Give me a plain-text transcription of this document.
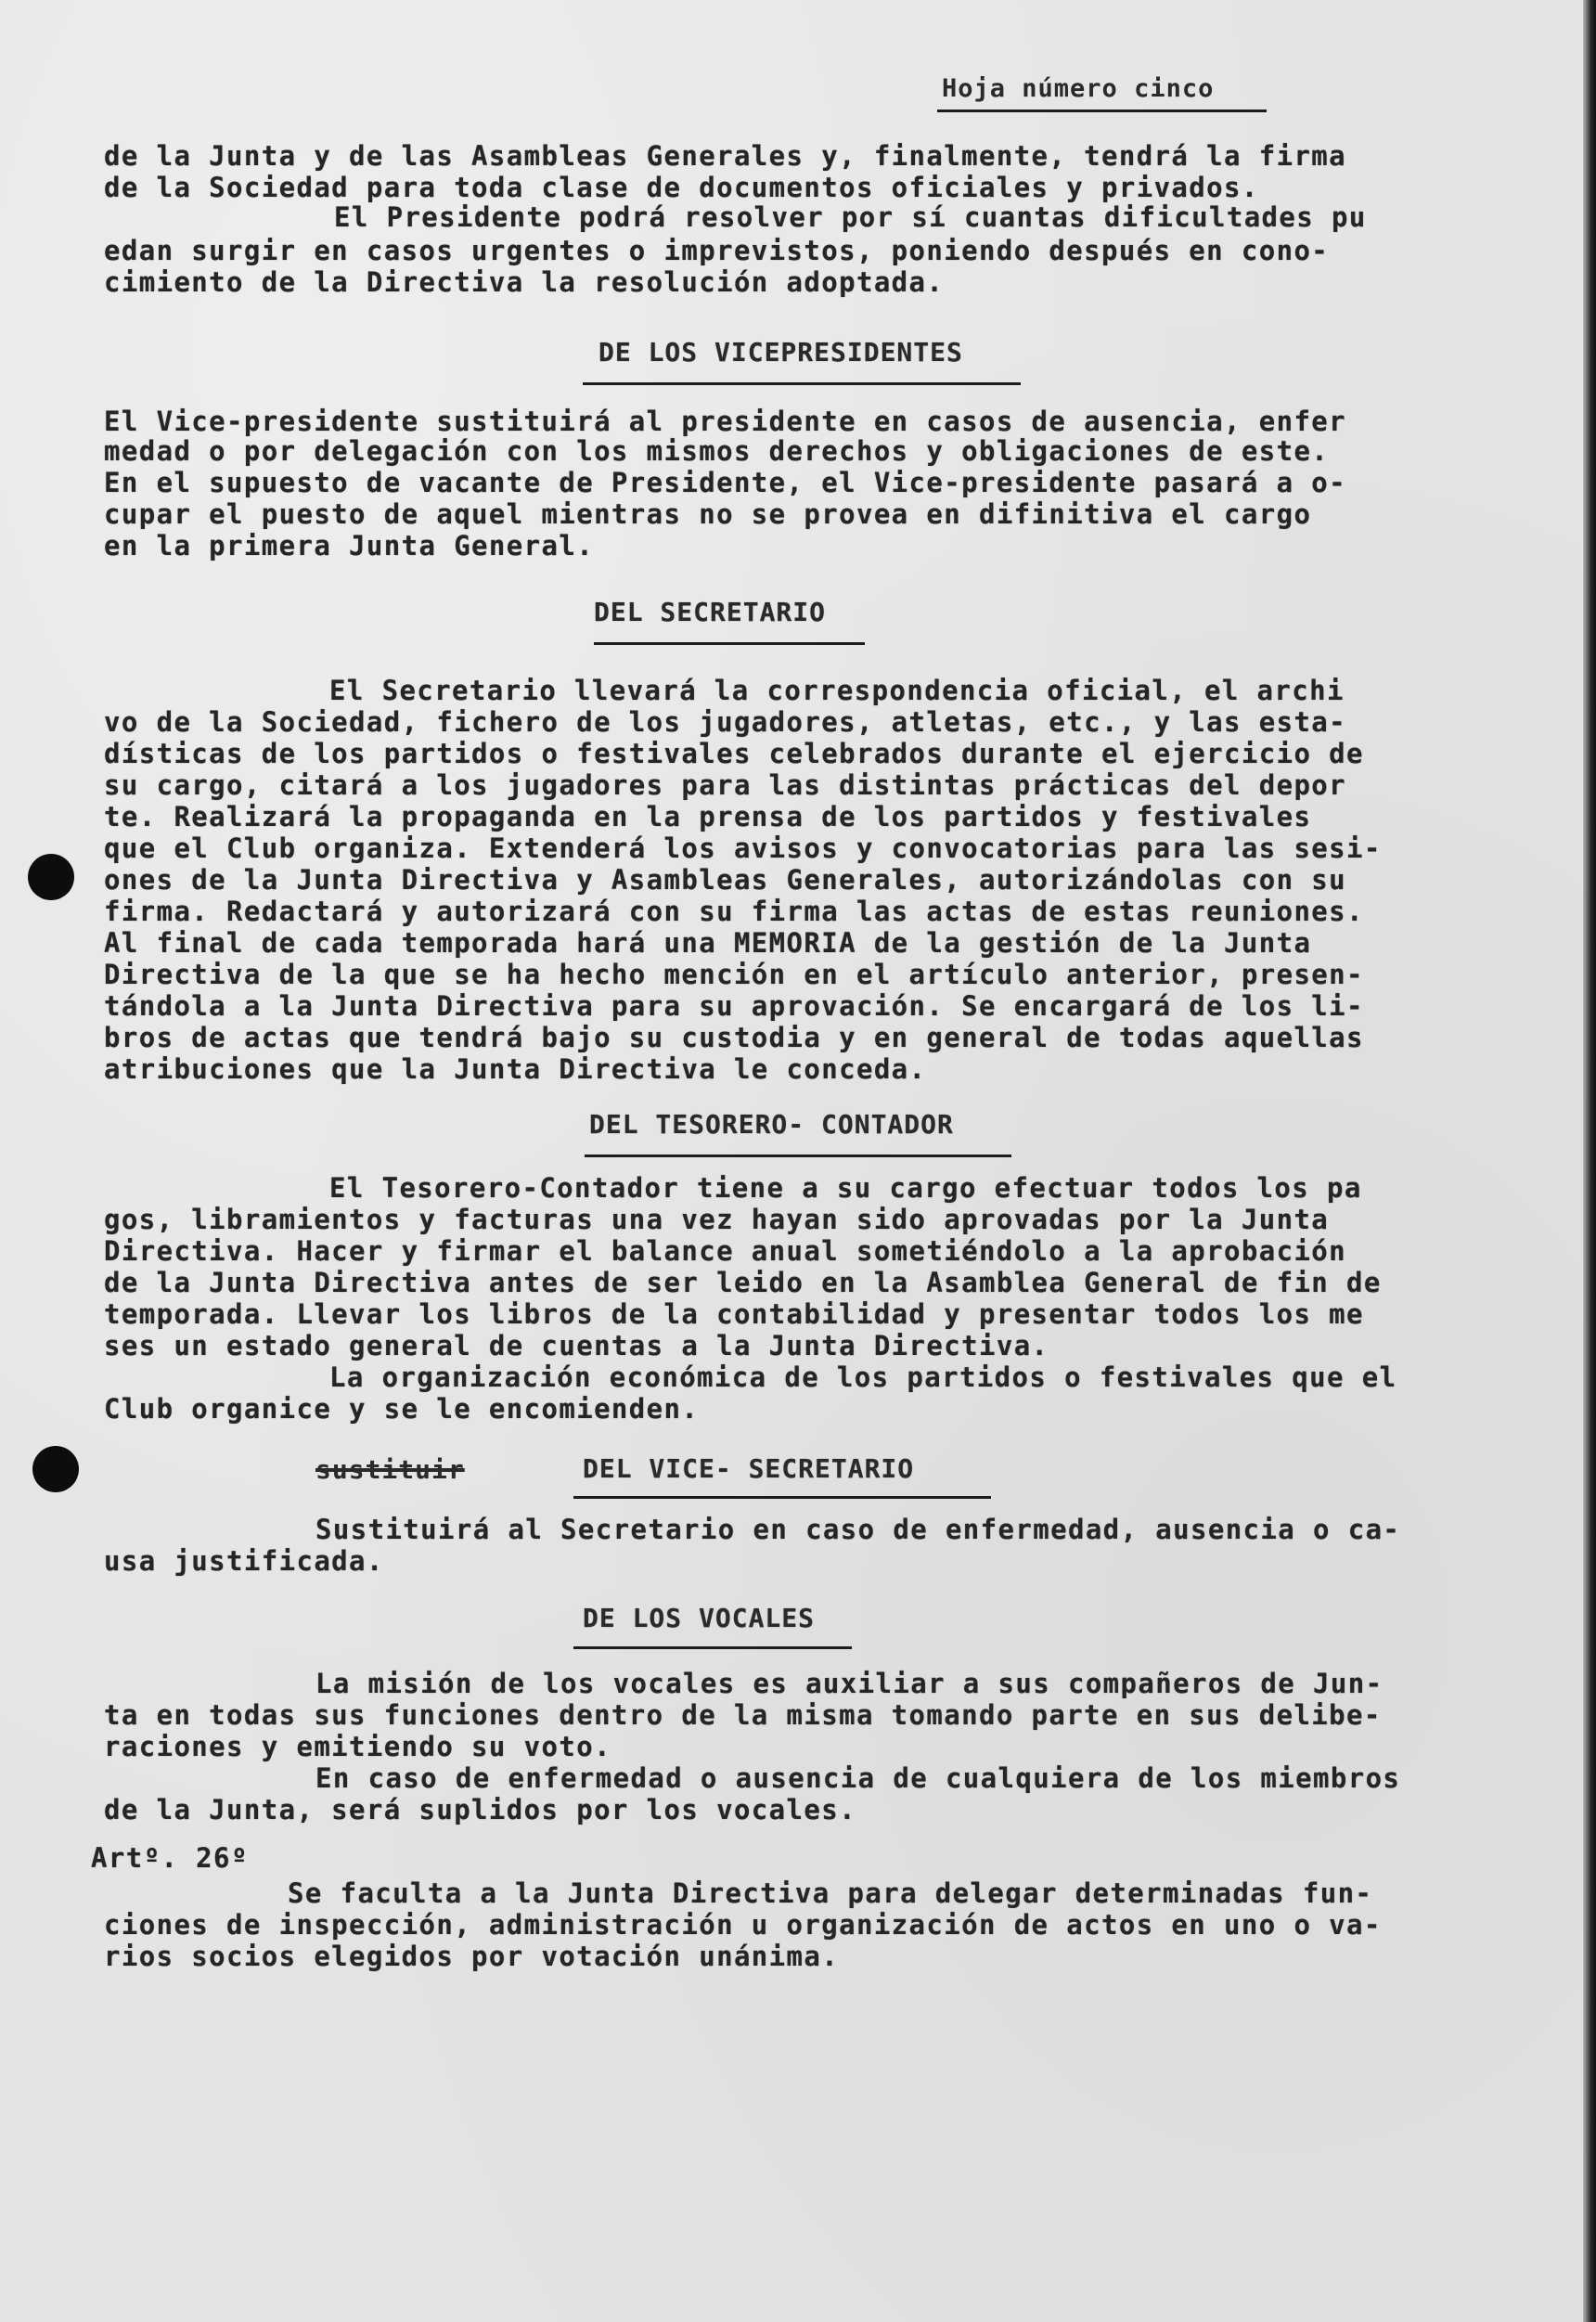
Hoja número cinco
de la Junta y de las Asambleas Generales y, finalmente, tendrá la firma
de la Sociedad para toda clase de documentos oficiales y privados.
El Presidente podrá resolver por sí cuantas dificultades pu
edan surgir en casos urgentes o imprevistos, poniendo después en cono-
cimiento de la Directiva la resolución adoptada.
DE LOS VICEPRESIDENTES
El Vice-presidente sustituirá al presidente en casos de ausencia, enfer
medad o por delegación con los mismos derechos y obligaciones de este.
En el supuesto de vacante de Presidente, el Vice-presidente pasará a o-
cupar el puesto de aquel mientras no se provea en difinitiva el cargo
en la primera Junta General.
DEL SECRETARIO
El Secretario llevará la correspondencia oficial, el archi
vo de la Sociedad, fichero de los jugadores, atletas, etc., y las esta-
dísticas de los partidos o festivales celebrados durante el ejercicio de
su cargo, citará a los jugadores para las distintas prácticas del depor
te. Realizará la propaganda en la prensa de los partidos y festivales
que el Club organiza. Extenderá los avisos y convocatorias para las sesi-
ones de la Junta Directiva y Asambleas Generales, autorizándolas con su
firma. Redactará y autorizará con su firma las actas de estas reuniones.
Al final de cada temporada hará una MEMORIA de la gestión de la Junta
Directiva de la que se ha hecho mención en el artículo anterior, presen-
tándola a la Junta Directiva para su aprovación. Se encargará de los li-
bros de actas que tendrá bajo su custodia y en general de todas aquellas
atribuciones que la Junta Directiva le conceda.
DEL TESORERO- CONTADOR
El Tesorero-Contador tiene a su cargo efectuar todos los pa
gos, libramientos y facturas una vez hayan sido aprovadas por la Junta
Directiva. Hacer y firmar el balance anual sometiéndolo a la aprobación
de la Junta Directiva antes de ser leido en la Asamblea General de fin de
temporada. Llevar los libros de la contabilidad y presentar todos los me
ses un estado general de cuentas a la Junta Directiva.
La organización económica de los partidos o festivales que el
Club organice y se le encomienden.
sustituir	DEL VICE- SECRETARIO
Sustituirá al Secretario en caso de enfermedad, ausencia o ca-
usa justificada.
DE LOS VOCALES
La misión de los vocales es auxiliar a sus compañeros de Jun-
ta en todas sus funciones dentro de la misma tomando parte en sus delibe-
raciones y emitiendo su voto.
En caso de enfermedad o ausencia de cualquiera de los miembros
de la Junta, será suplidos por los vocales.
Artº. 26º
Se faculta a la Junta Directiva para delegar determinadas fun-
ciones de inspección, administración u organización de actos en uno o va-
rios socios elegidos por votación unánima.
